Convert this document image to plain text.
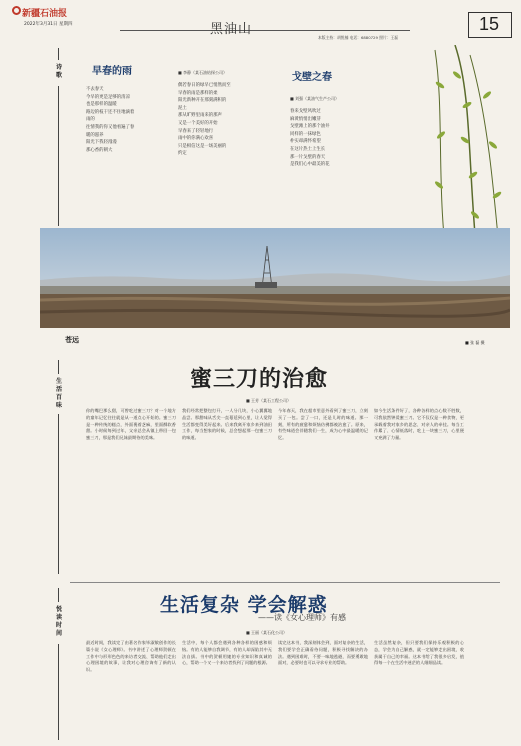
新疆石油报
2022年3月31日 星期四	黑油山	15
本版主持：胡悦楠 电话：6880729 照片：王磊
诗歌	早春的雨
不去春天
今早的更是足够的清凉
也是那样的温暖
路边的枝干还不住地滴着
雨的
往情我的你又他看遍了春
暖的滋养
阳光下我轻漫漫
那心香的朝大
■ 李静（某石油钻探公司）
偶若春日的绿早已悄然而至
早春的雨是那样的柔
阳光新种开在那刻满积的
泥土
那从旷野里雨来的那声
又是一个美好的开始
早春来了轻轻地行
雨中的你满心欢喜
只是相信这是一场美丽的
约定
戈壁之春
■ 刘强（某油气生产公司）
春来戈壁风吹过
麻黄悄悄出嫩芽
戈壁滩上的那个油井
同样的一抹绿色
朴实却满怀希望
在这片热土上生长
那一片戈壁的春天
是我们心中最美的花
苍远	■ 张 磊 摄
生活百味
蜜三刀的治愈
■ 王芳（某石工程公司）
你的嘴巴那么甜，可曾吃过蜜三刀？对一个地方的童年记忆往往就是从一道点心开始的。蜜三刀是一种传统的糕点，外面裹着芝麻，里面酥软香甜。小时候每到过年，父亲总会从镇上带回一包蜜三刀，那是我们兄妹最期待的美味。
我们经常把整包打开，一人分几块，小心翼翼地品尝。那甜味从舌尖一直蔓延到心里，让人觉得生活都变得美好起来。后来我离开家乡来到油田工作，每当想家的时候，总会想起那一包蜜三刀的味道。
今年春天，我在超市里意外看到了蜜三刀，立刻买了一包。尝了一口，还是儿时的味道。那一刻，所有的疲惫和烦恼仿佛都被治愈了。原来，有些味道会伴随我们一生，成为心中最温暖的记忆。
如今生活条件好了，各种各样的点心数不胜数，可我依然钟爱蜜三刀。它不仅仅是一种食物，更承载着我对家乡的思念、对亲人的牵挂。每当工作累了、心情低落时，吃上一块蜜三刀，心里便又充满了力量。
悦读时间
生活复杂 学会解惑
——读《女心理师》有感
■ 王丽（某石化公司）
最近时间，我读完了由著名作家毕淑敏创作的长篇小说《女心理师》。书中讲述了心理师贺顿在工作中与形形色色的来访者交流、帮助他们走出心理困境的故事，让我对心理咨询有了新的认识。
生活中，每个人都会遇到各种各样的困惑和烦恼。有的人能够自我调节，有的人却深陷其中无法自拔。书中的贺顿用她的专业知识和真诚的心，帮助一个又一个来访者找到了问题的根源。
读完这本书，我深刻体会到，面对复杂的生活，我们要学会正确看待问题，积极寻找解决的办法。遇到困难时，不要一味地逃避，而要勇敢地面对，必要时也可以寻求专业的帮助。
生活虽然复杂，但只要我们保持乐观积极的心态，学会为自己解惑，就一定能够走出困境，收获属于自己的幸福。这本书给了我很多启发，值得每一个在生活中迷茫的人细细品读。
